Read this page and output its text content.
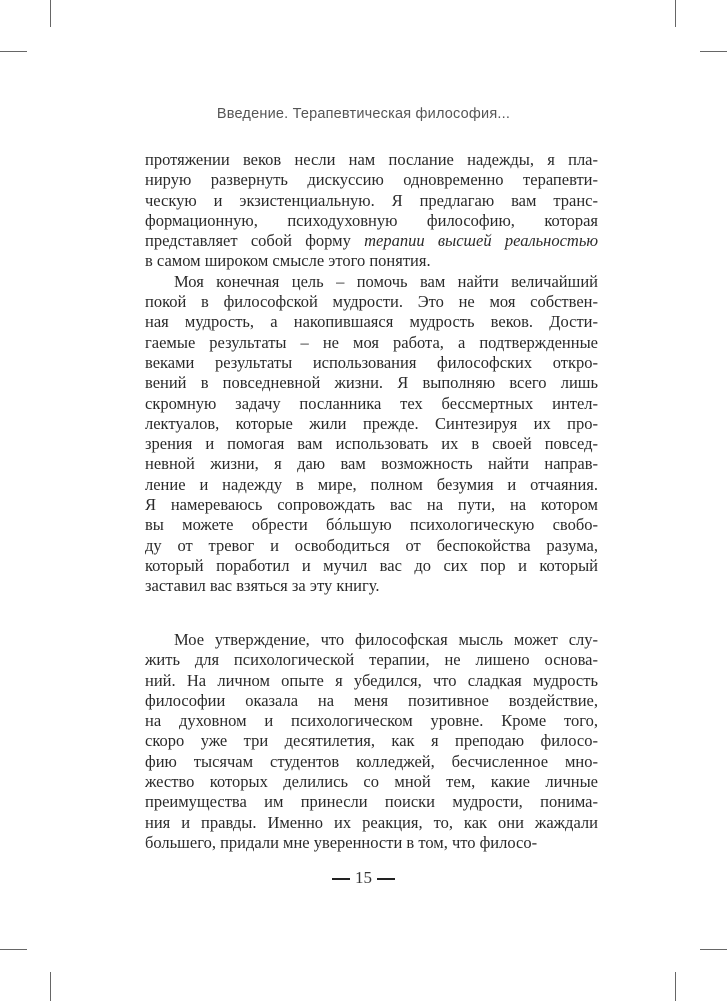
Введение. Терапевтическая философия...
протяжении веков несли нам послание надежды, я пла-
нирую развернуть дискуссию одновременно терапевти-
ческую и экзистенциальную. Я предлагаю вам транс-
формационную, психодуховную философию, которая
представляет собой форму терапии высшей реальностью
в самом широком смысле этого понятия.
Моя конечная цель – помочь вам найти величайший
покой в философской мудрости. Это не моя собствен-
ная мудрость, а накопившаяся мудрость веков. Дости-
гаемые результаты – не моя работа, а подтвержденные
веками результаты использования философских откро-
вений в повседневной жизни. Я выполняю всего лишь
скромную задачу посланника тех бессмертных интел-
лектуалов, которые жили прежде. Синтезируя их про-
зрения и помогая вам использовать их в своей повсед-
невной жизни, я даю вам возможность найти направ-
ление и надежду в мире, полном безумия и отчаяния.
Я намереваюсь сопровождать вас на пути, на котором
вы можете обрести бóльшую психологическую свобо-
ду от тревог и освободиться от беспокойства разума,
который поработил и мучил вас до сих пор и который
заставил вас взяться за эту книгу.
Мое утверждение, что философская мысль может слу-
жить для психологической терапии, не лишено основа-
ний. На личном опыте я убедился, что сладкая мудрость
философии оказала на меня позитивное воздействие,
на духовном и психологическом уровне. Кроме того,
скоро уже три десятилетия, как я преподаю филосо-
фию тысячам студентов колледжей, бесчисленное мно-
жество которых делились со мной тем, какие личные
преимущества им принесли поиски мудрости, понима-
ния и правды. Именно их реакция, то, как они жаждали
большего, придали мне уверенности в том, что филосо-
15
